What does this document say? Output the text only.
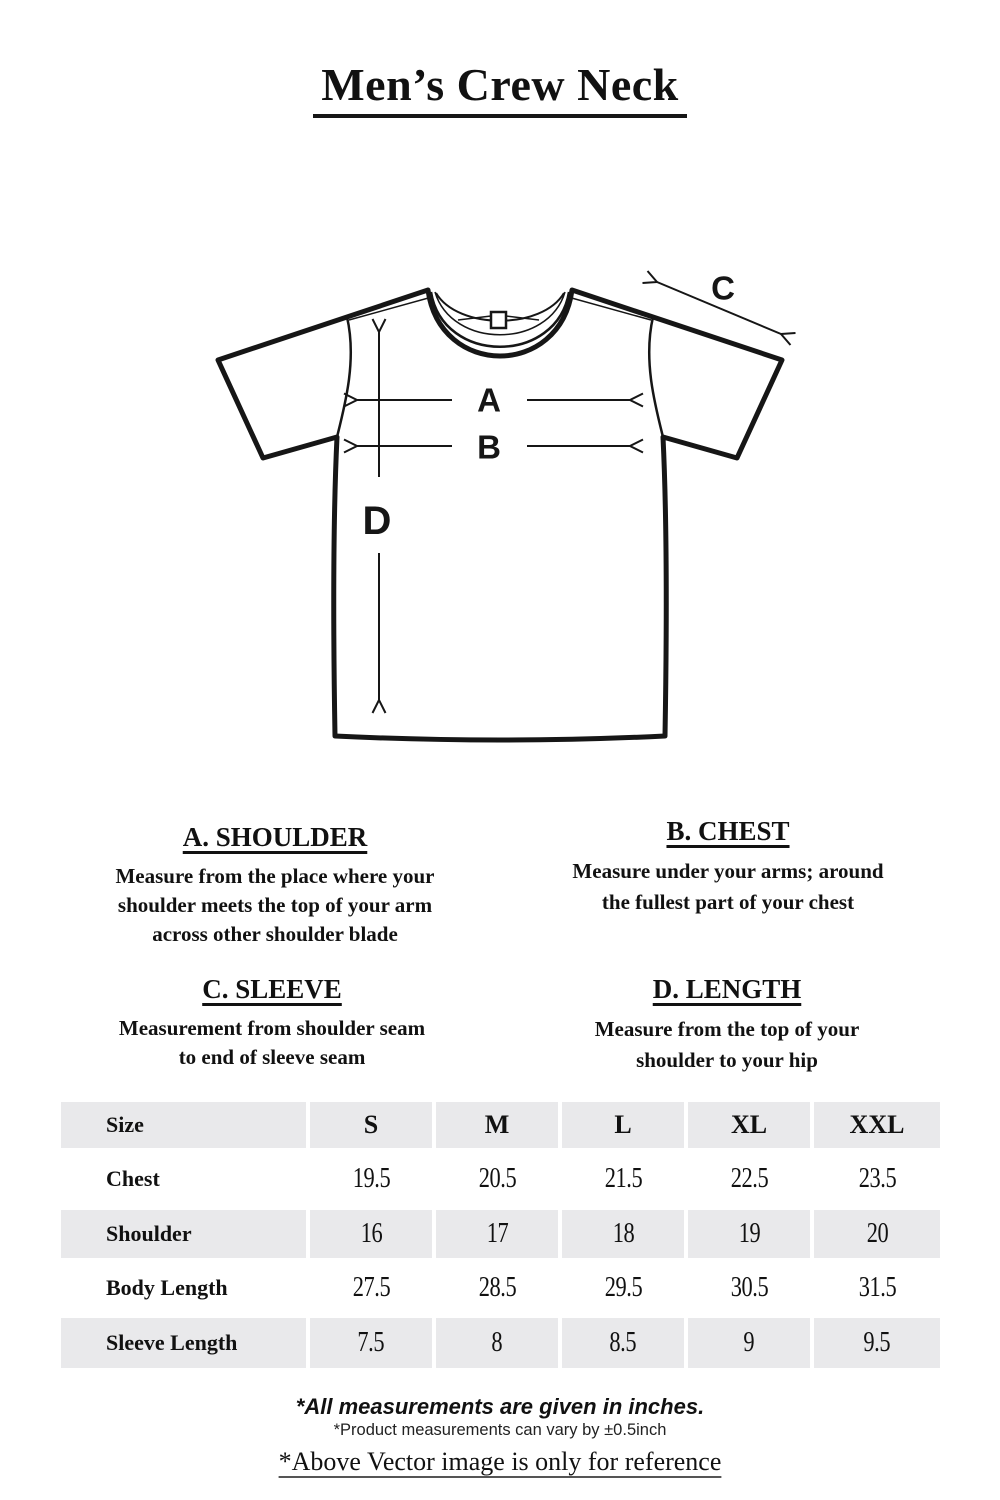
Men’s Crew Neck
A
B
C
D
A. SHOULDER
Measure from the place where your
shoulder meets the top of your arm
across other shoulder blade
B. CHEST
Measure under your arms; around
the fullest part of your chest
C. SLEEVE
Measurement from shoulder seam
to end of sleeve seam
D. LENGTH
Measure from the top of your
shoulder to your hip
Size	S	M	L	XL	XXL
Chest	19.5	20.5	21.5	22.5	23.5
Shoulder	16	17	18	19	20
Body Length	27.5	28.5	29.5	30.5	31.5
Sleeve Length	7.5	8	8.5	9	9.5
*All measurements are given in inches.
*Product measurements can vary by ±0.5inch
*Above Vector image is only for reference
